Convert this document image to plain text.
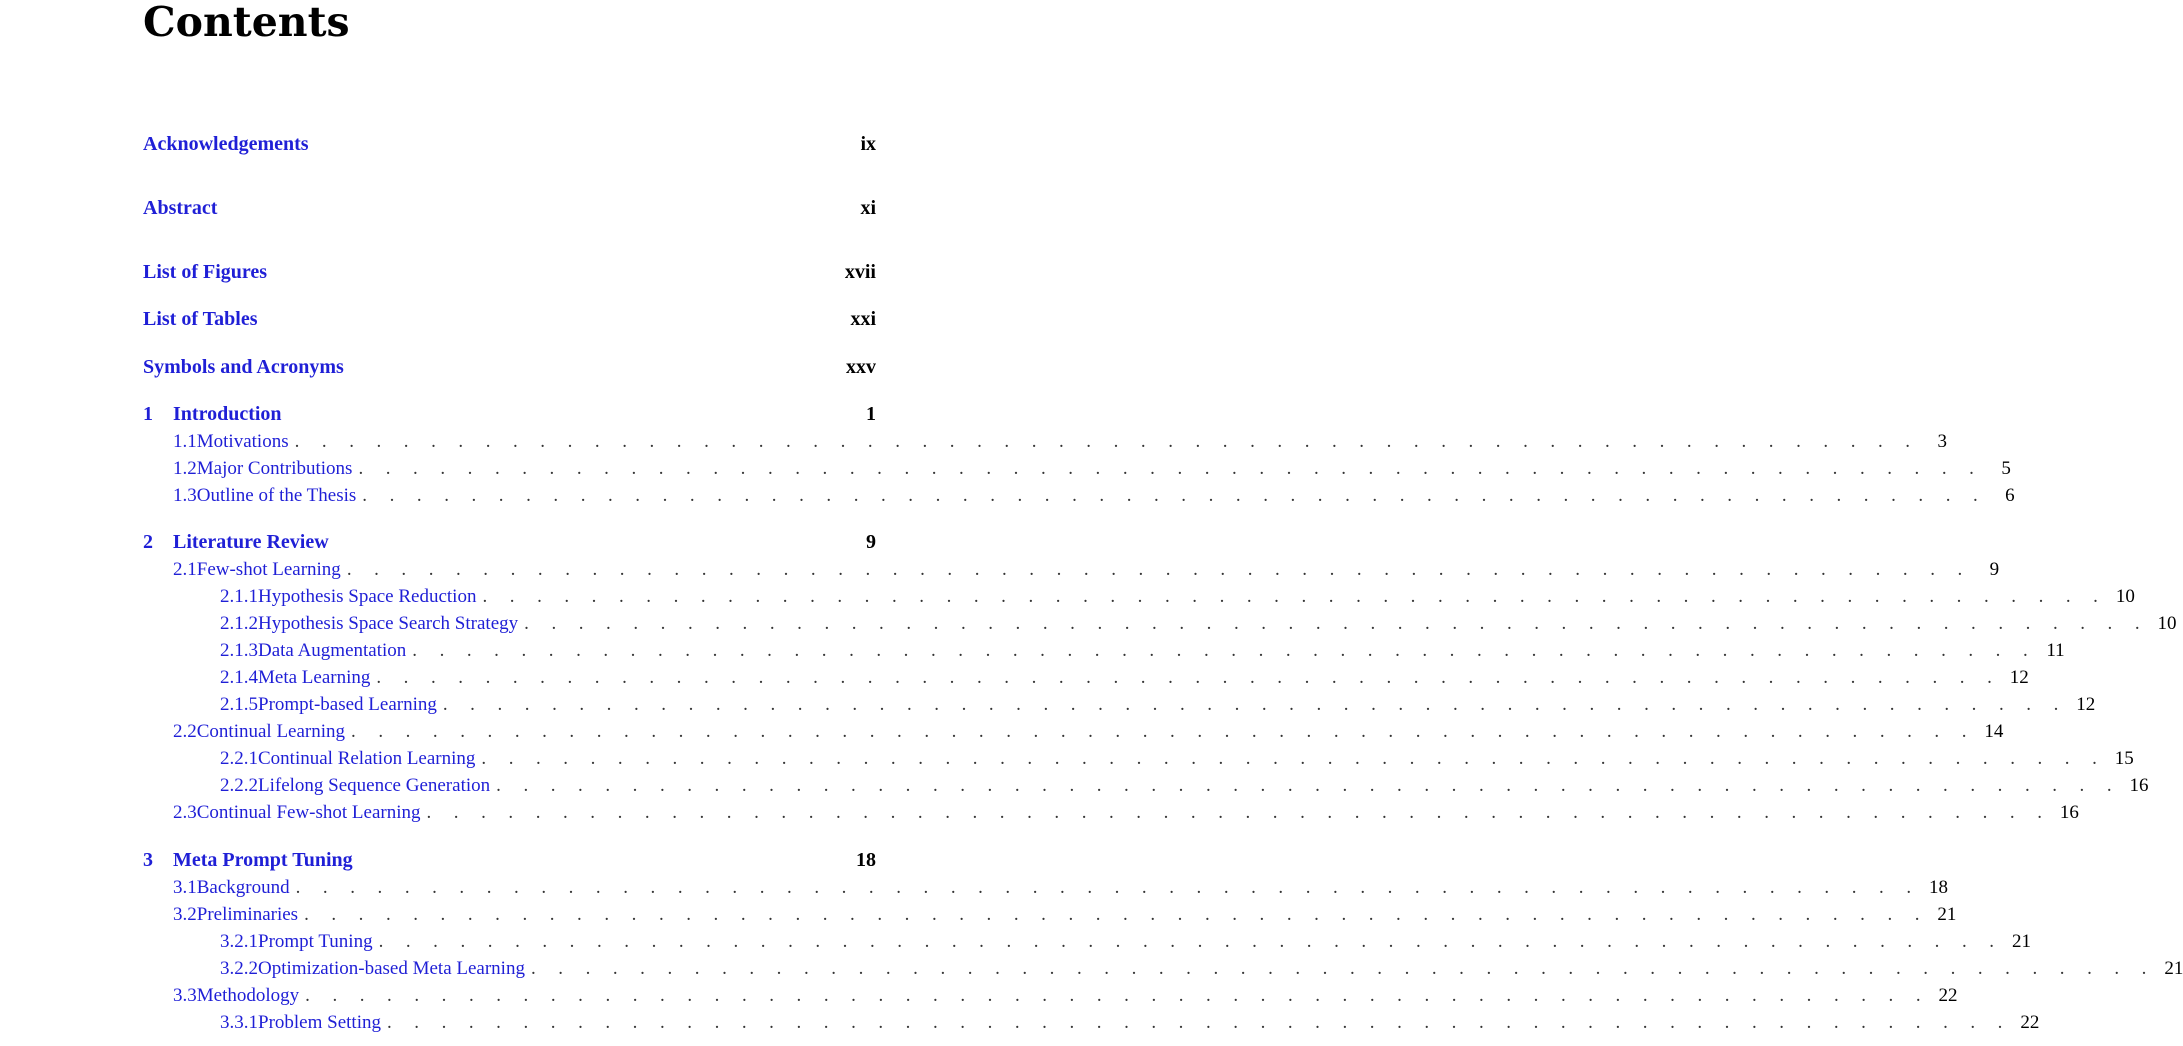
Contents
Acknowledgements	ix
Abstract	xi
List of Figures	xvii
List of Tables	xxi
Symbols and Acronyms	xxv
1	Introduction	1
1.1 Motivations . . . . . . . . . . . . . . . . . . . . . . . . . . . . . . . . . . . . . . . . . . . . . . . . . . . . . . . . . . . . 3
1.2 Major Contributions . . . . . . . . . . . . . . . . . . . . . . . . . . . . . . . . . . . . . . . . . . . . . . . . . . . . . . . . . . . . 5
1.3 Outline of the Thesis . . . . . . . . . . . . . . . . . . . . . . . . . . . . . . . . . . . . . . . . . . . . . . . . . . . . . . . . . . . . 6
2	Literature Review	9
2.1 Few-shot Learning . . . . . . . . . . . . . . . . . . . . . . . . . . . . . . . . . . . . . . . . . . . . . . . . . . . . . . . . . . . . 9
2.1.1 Hypothesis Space Reduction . . . . . . . . . . . . . . . . . . . . . . . . . . . . . . . . . . . . . . . . . . . . . . . . . . . . . . . . . . . . 10
2.1.2 Hypothesis Space Search Strategy . . . . . . . . . . . . . . . . . . . . . . . . . . . . . . . . . . . . . . . . . . . . . . . . . . . . . . . . . . . . 10
2.1.3 Data Augmentation . . . . . . . . . . . . . . . . . . . . . . . . . . . . . . . . . . . . . . . . . . . . . . . . . . . . . . . . . . . . 11
2.1.4 Meta Learning . . . . . . . . . . . . . . . . . . . . . . . . . . . . . . . . . . . . . . . . . . . . . . . . . . . . . . . . . . . . 12
2.1.5 Prompt-based Learning . . . . . . . . . . . . . . . . . . . . . . . . . . . . . . . . . . . . . . . . . . . . . . . . . . . . . . . . . . . . 12
2.2 Continual Learning . . . . . . . . . . . . . . . . . . . . . . . . . . . . . . . . . . . . . . . . . . . . . . . . . . . . . . . . . . . . 14
2.2.1 Continual Relation Learning . . . . . . . . . . . . . . . . . . . . . . . . . . . . . . . . . . . . . . . . . . . . . . . . . . . . . . . . . . . . 15
2.2.2 Lifelong Sequence Generation . . . . . . . . . . . . . . . . . . . . . . . . . . . . . . . . . . . . . . . . . . . . . . . . . . . . . . . . . . . . 16
2.3 Continual Few-shot Learning . . . . . . . . . . . . . . . . . . . . . . . . . . . . . . . . . . . . . . . . . . . . . . . . . . . . . . . . . . . . 16
3	Meta Prompt Tuning	18
3.1 Background . . . . . . . . . . . . . . . . . . . . . . . . . . . . . . . . . . . . . . . . . . . . . . . . . . . . . . . . . . . . 18
3.2 Preliminaries . . . . . . . . . . . . . . . . . . . . . . . . . . . . . . . . . . . . . . . . . . . . . . . . . . . . . . . . . . . . 21
3.2.1 Prompt Tuning . . . . . . . . . . . . . . . . . . . . . . . . . . . . . . . . . . . . . . . . . . . . . . . . . . . . . . . . . . . . 21
3.2.2 Optimization-based Meta Learning . . . . . . . . . . . . . . . . . . . . . . . . . . . . . . . . . . . . . . . . . . . . . . . . . . . . . . . . . . . . 21
3.3 Methodology . . . . . . . . . . . . . . . . . . . . . . . . . . . . . . . . . . . . . . . . . . . . . . . . . . . . . . . . . . . . 22
3.3.1 Problem Setting . . . . . . . . . . . . . . . . . . . . . . . . . . . . . . . . . . . . . . . . . . . . . . . . . . . . . . . . . . . . 22
